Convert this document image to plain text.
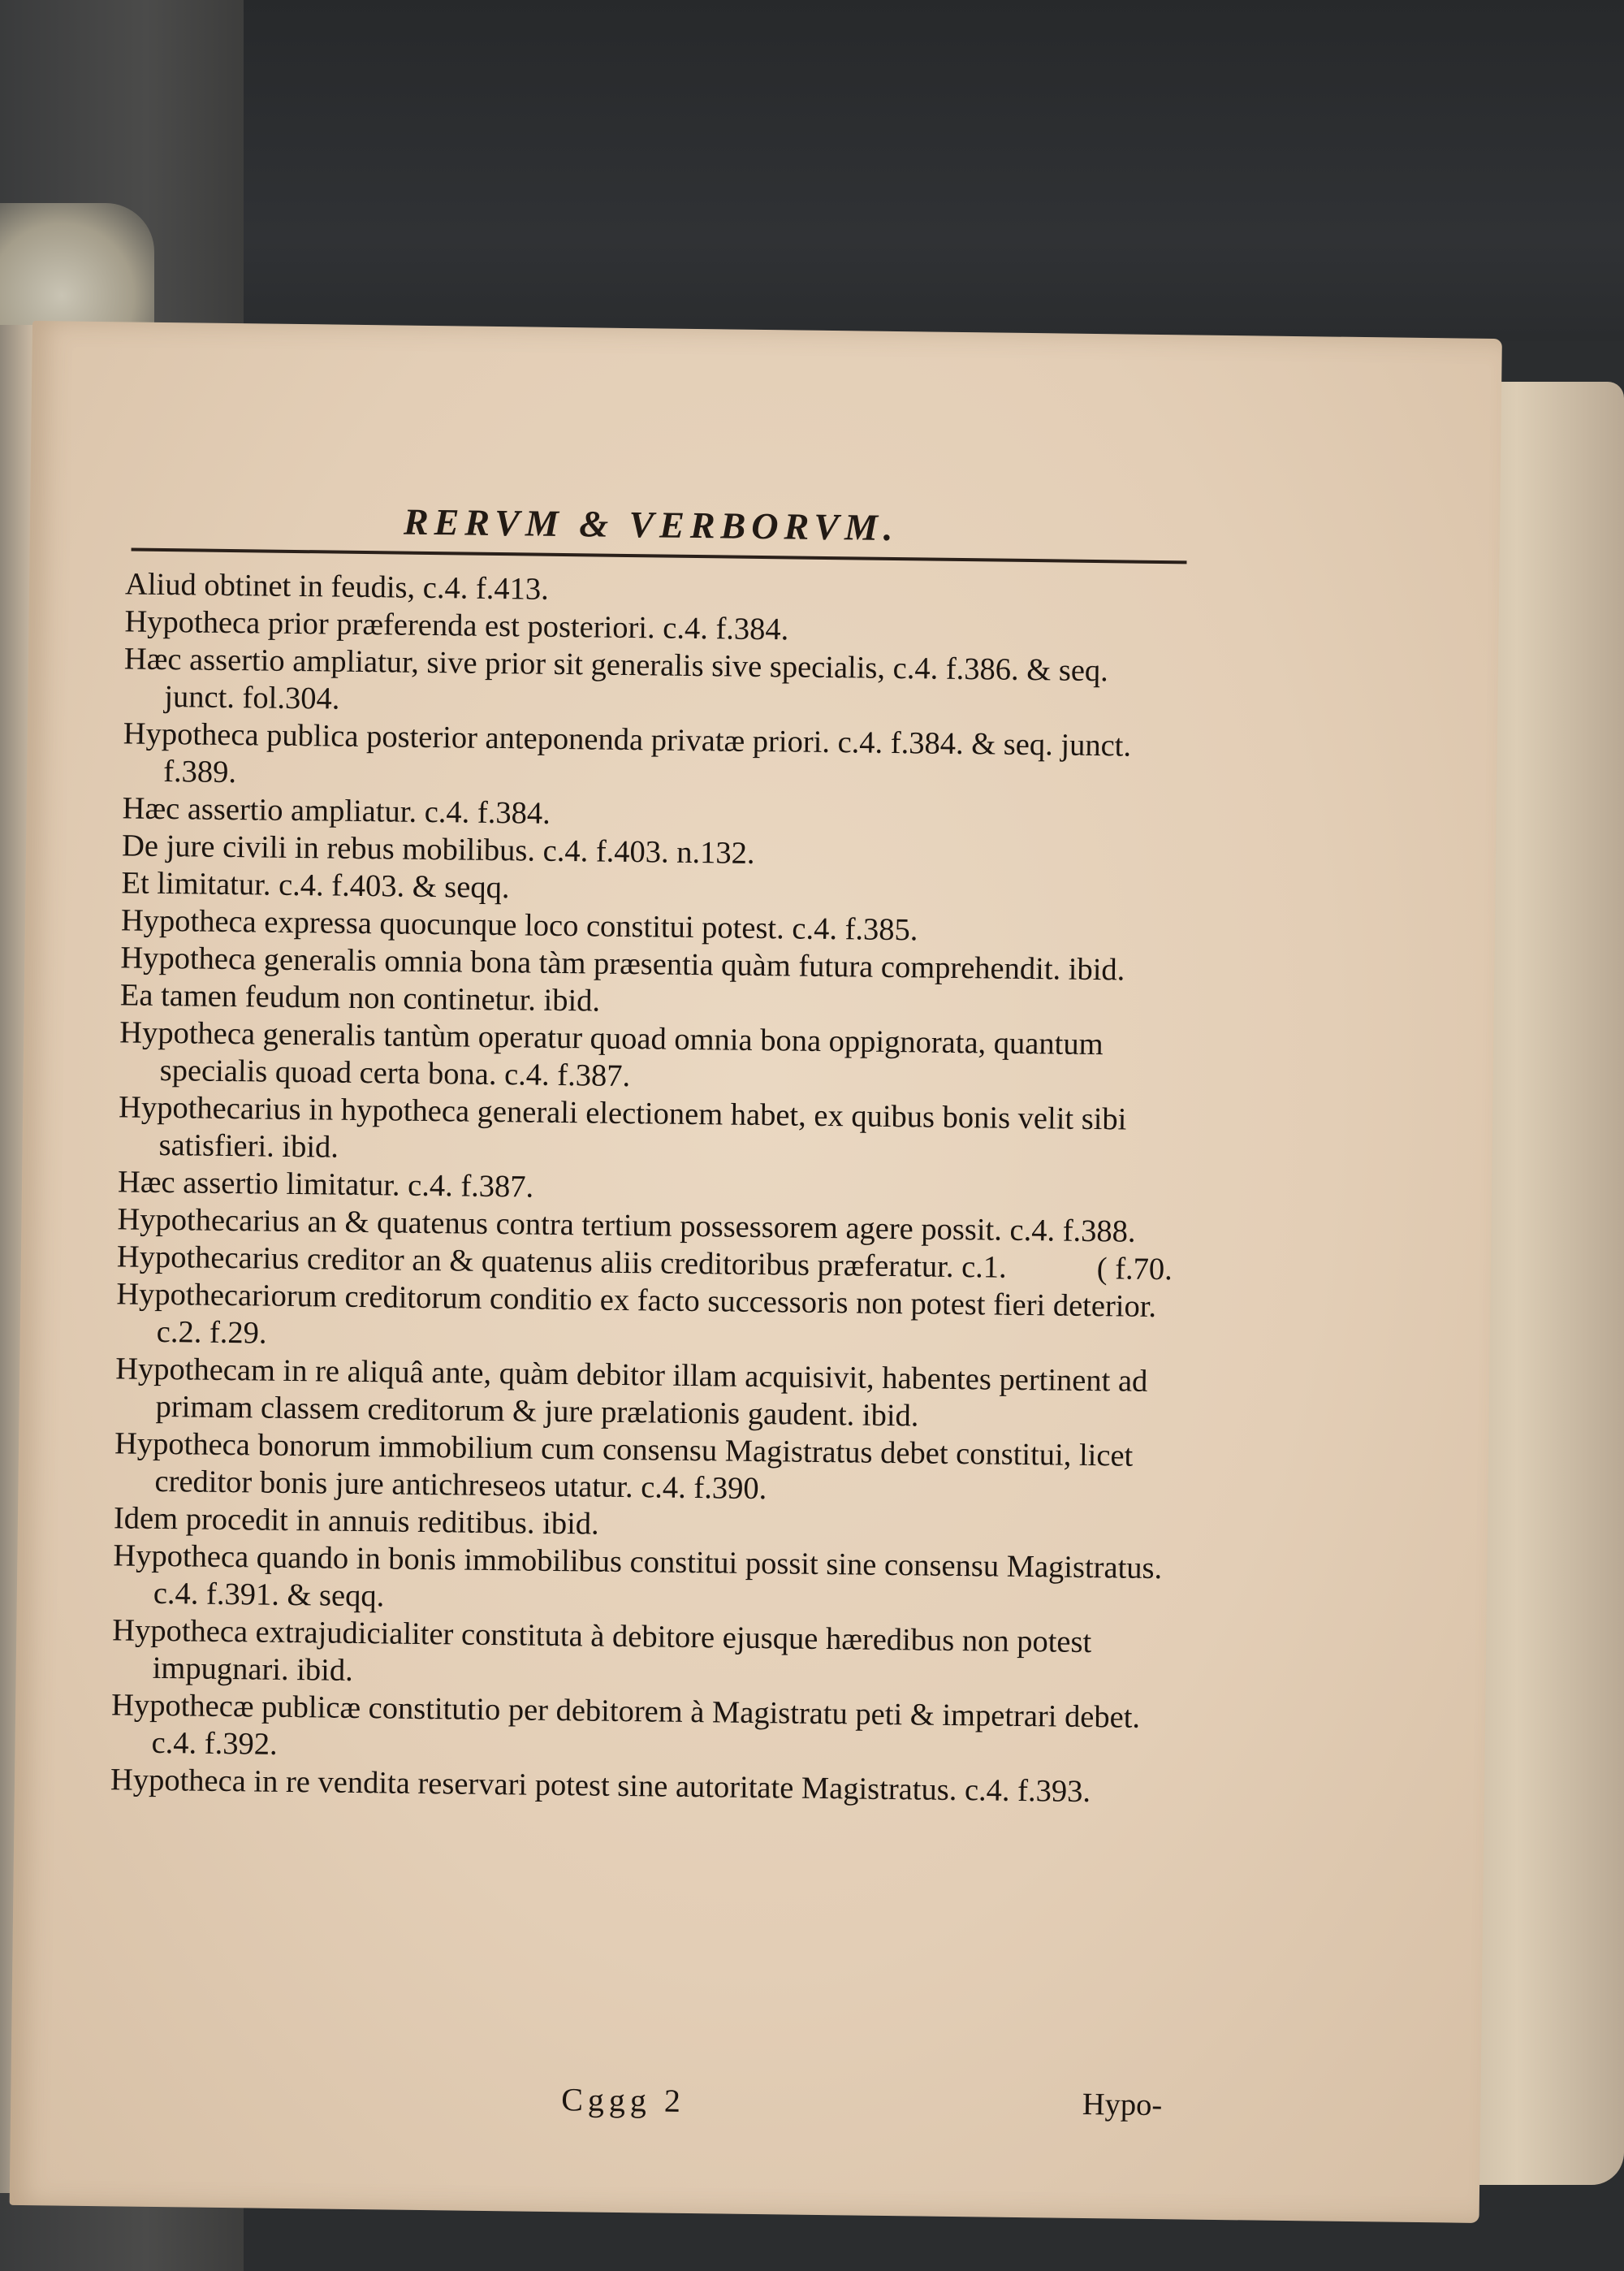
RERVM & VERBORVM.
Aliud obtinet in feudis, c.4. f.413.
Hypotheca prior præferenda est posteriori. c.4. f.384.
Hæc assertio ampliatur, sive prior sit generalis sive specialis, c.4. f.386. & seq. junct. fol.304.
Hypotheca publica posterior anteponenda privatæ priori. c.4. f.384. & seq. junct. f.389.
Hæc assertio ampliatur. c.4. f.384.
De jure civili in rebus mobilibus. c.4. f.403. n.132.
Et limitatur. c.4. f.403. & seqq.
Hypotheca expressa quocunque loco constitui potest. c.4. f.385.
Hypotheca generalis omnia bona tàm præsentia quàm futura comprehendit. ibid.
Ea tamen feudum non continetur. ibid.
Hypotheca generalis tantùm operatur quoad omnia bona oppignorata, quantum specialis quoad certa bona. c.4. f.387.
Hypothecarius in hypotheca generali electionem habet, ex quibus bonis velit sibi satisfieri. ibid.
Hæc assertio limitatur. c.4. f.387.
Hypothecarius an & quatenus contra tertium possessorem agere possit. c.4. f.388.
( f.70.
Hypothecarius creditor an & quatenus aliis creditoribus præferatur. c.1.
Hypothecariorum creditorum conditio ex facto successoris non potest fieri deterior. c.2. f.29.
Hypothecam in re aliquâ ante, quàm debitor illam acquisivit, habentes pertinent ad primam classem creditorum & jure prælationis gaudent. ibid.
Hypotheca bonorum immobilium cum consensu Magistratus debet constitui, licet creditor bonis jure antichreseos utatur. c.4. f.390.
Idem procedit in annuis reditibus. ibid.
Hypotheca quando in bonis immobilibus constitui possit sine consensu Magistratus. c.4. f.391. & seqq.
Hypotheca extrajudicialiter constituta à debitore ejusque hæredibus non potest impugnari. ibid.
Hypothecæ publicæ constitutio per debitorem à Magistratu peti & impetrari debet. c.4. f.392.
Hypotheca in re vendita reservari potest sine autoritate Magistratus. c.4. f.393.
Cggg 2	Hypo-
